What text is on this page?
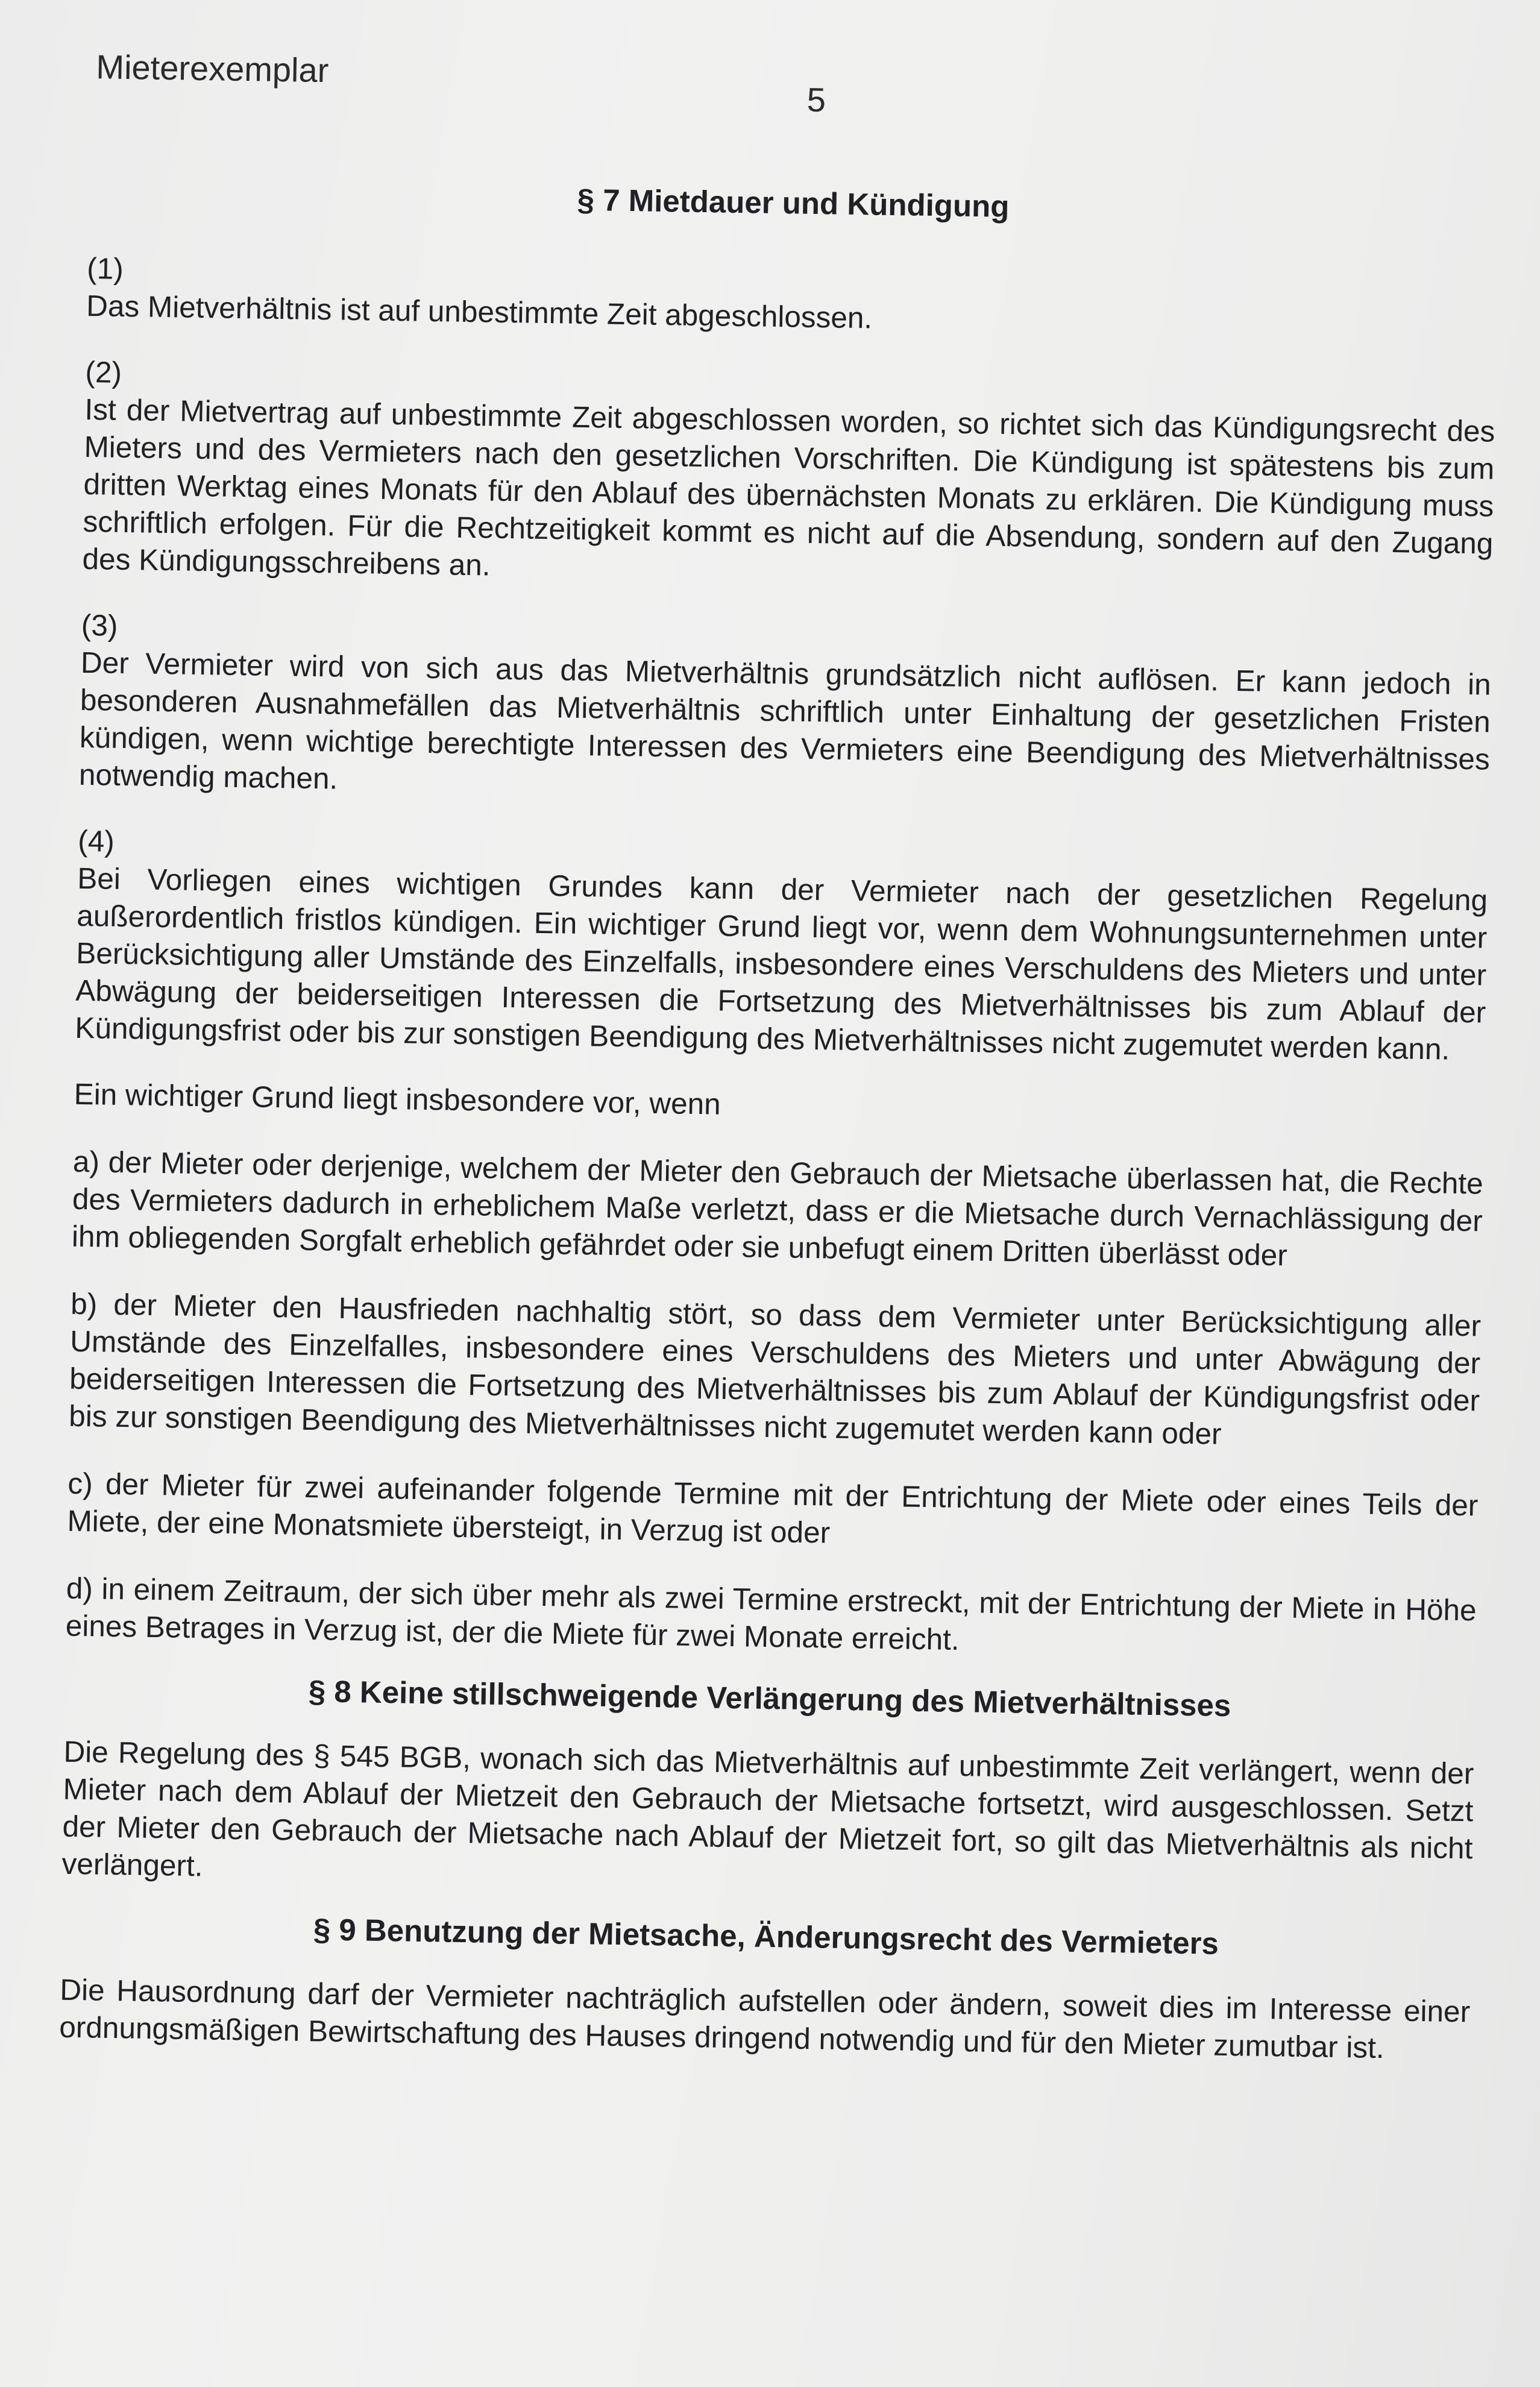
Mieterexemplar
5
§ 7 Mietdauer und Kündigung

(1)

Das Mietverhältnis ist auf unbestimmte Zeit abgeschlossen.

(2)

Ist der Mietvertrag auf unbestimmte Zeit abgeschlossen worden, so richtet sich das Kündigungsrecht des Mieters und des Vermieters nach den gesetzlichen Vorschriften. Die Kündigung ist spätestens bis zum dritten Werktag eines Monats für den Ablauf des übernächsten Monats zu erklären. Die Kündigung muss schriftlich erfolgen. Für die Rechtzeitigkeit kommt es nicht auf die Absendung, sondern auf den Zugang des Kündigungsschreibens an.

(3)

Der Vermieter wird von sich aus das Mietverhältnis grundsätzlich nicht auflösen. Er kann jedoch in besonderen Ausnahmefällen das Mietverhältnis schriftlich unter Einhaltung der gesetzlichen Fristen kündigen, wenn wichtige berechtigte Interessen des Vermieters eine Beendigung des Mietverhältnisses notwendig machen.

(4)

Bei Vorliegen eines wichtigen Grundes kann der Vermieter nach der gesetzlichen Regelung außerordentlich fristlos kündigen. Ein wichtiger Grund liegt vor, wenn dem Wohnungsunternehmen unter Berücksichtigung aller Umstände des Einzelfalls, insbesondere eines Verschuldens des Mieters und unter Abwägung der beiderseitigen Interessen die Fortsetzung des Mietverhältnisses bis zum Ablauf der Kündigungsfrist oder bis zur sonstigen Beendigung des Mietverhältnisses nicht zugemutet werden kann.

Ein wichtiger Grund liegt insbesondere vor, wenn

a) der Mieter oder derjenige, welchem der Mieter den Gebrauch der Mietsache überlassen hat, die Rechte des Vermieters dadurch in erheblichem Maße verletzt, dass er die Mietsache durch Vernachlässigung der ihm obliegenden Sorgfalt erheblich gefährdet oder sie unbefugt einem Dritten überlässt oder

b) der Mieter den Hausfrieden nachhaltig stört, so dass dem Vermieter unter Berücksichtigung aller Umstände des Einzelfalles, insbesondere eines Verschuldens des Mieters und unter Abwägung der beiderseitigen Interessen die Fortsetzung des Mietverhältnisses bis zum Ablauf der Kündigungsfrist oder bis zur sonstigen Beendigung des Mietverhältnisses nicht zugemutet werden kann oder

c) der Mieter für zwei aufeinander folgende Termine mit der Entrichtung der Miete oder eines Teils der Miete, der eine Monatsmiete übersteigt, in Verzug ist oder

d) in einem Zeitraum, der sich über mehr als zwei Termine erstreckt, mit der Entrichtung der Miete in Höhe eines Betrages in Verzug ist, der die Miete für zwei Monate erreicht.

§ 8 Keine stillschweigende Verlängerung des Mietverhältnisses

Die Regelung des § 545 BGB, wonach sich das Mietverhältnis auf unbestimmte Zeit verlängert, wenn der Mieter nach dem Ablauf der Mietzeit den Gebrauch der Mietsache fortsetzt, wird ausgeschlossen. Setzt der Mieter den Gebrauch der Mietsache nach Ablauf der Mietzeit fort, so gilt das Mietverhältnis als nicht verlängert.

§ 9 Benutzung der Mietsache, Änderungsrecht des Vermieters

Die Hausordnung darf der Vermieter nachträglich aufstellen oder ändern, soweit dies im Interesse einer ordnungsmäßigen Bewirtschaftung des Hauses dringend notwendig und für den Mieter zumutbar ist.
